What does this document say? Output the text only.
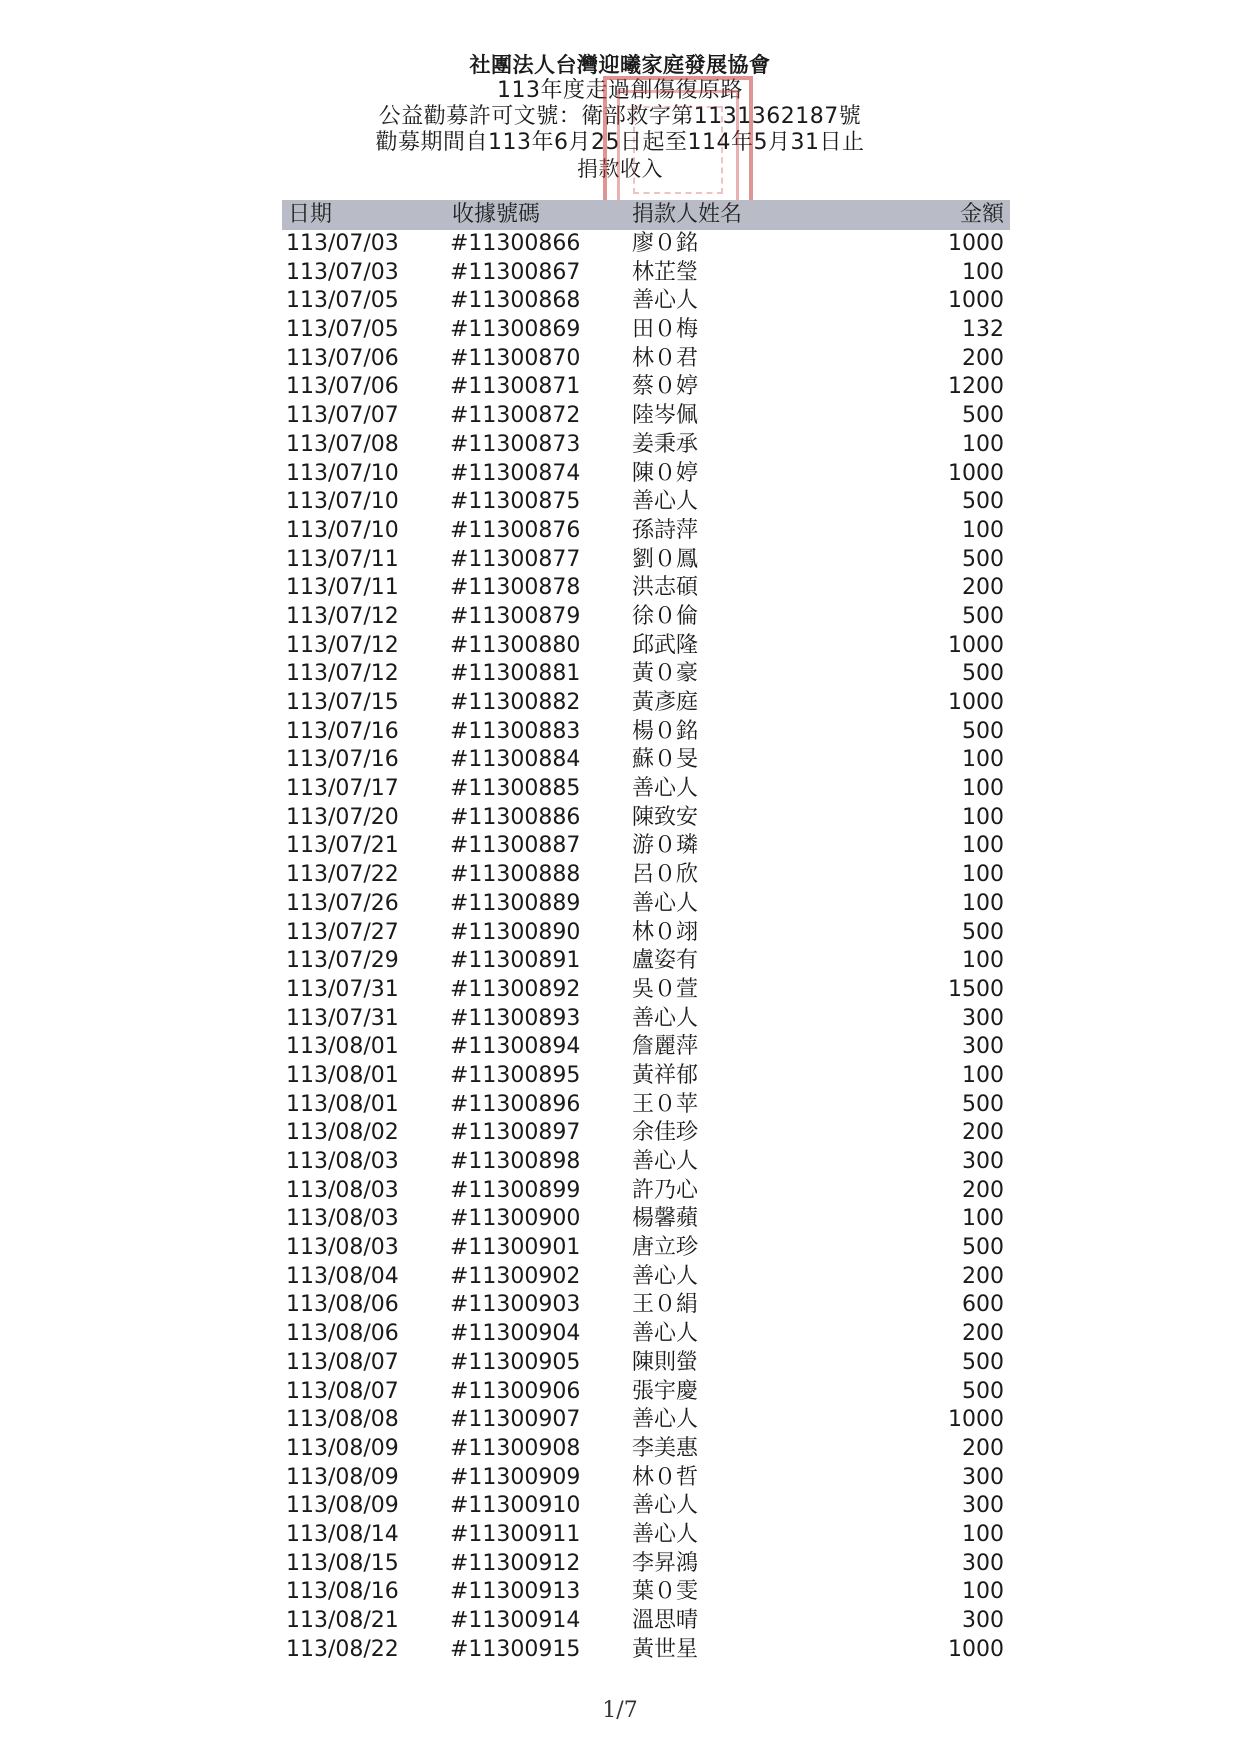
社團法人台灣迎曦家庭發展協會
113年度走過創傷復原路
公益勸募許可文號：衛部救字第1131362187號
勸募期間自113年6月25日起至114年5月31日止
捐款收入
日期	收據號碼	捐款人姓名	金額
113/07/03 #11300866 廖０銘	1000
113/07/03 #11300867 林芷瑩	100
113/07/05 #11300868 善心人	1000
113/07/05 #11300869 田０梅	132
113/07/06 #11300870 林０君	200
113/07/06 #11300871 蔡０婷	1200
113/07/07 #11300872 陸岑佩	500
113/07/08 #11300873 姜秉承	100
113/07/10 #11300874 陳０婷	1000
113/07/10 #11300875 善心人	500
113/07/10 #11300876 孫詩萍	100
113/07/11 #11300877 劉０鳳	500
113/07/11 #11300878 洪志碩	200
113/07/12 #11300879 徐０倫	500
113/07/12 #11300880 邱武隆	1000
113/07/12 #11300881 黃０豪	500
113/07/15 #11300882 黃彥庭	1000
113/07/16 #11300883 楊０銘	500
113/07/16 #11300884 蘇０旻	100
113/07/17 #11300885 善心人	100
113/07/20 #11300886 陳致安	100
113/07/21 #11300887 游０璘	100
113/07/22 #11300888 呂０欣	100
113/07/26 #11300889 善心人	100
113/07/27 #11300890 林０翊	500
113/07/29 #11300891 盧姿有	100
113/07/31 #11300892 吳０萱	1500
113/07/31 #11300893 善心人	300
113/08/01 #11300894 詹麗萍	300
113/08/01 #11300895 黃祥郁	100
113/08/01 #11300896 王０苹	500
113/08/02 #11300897 余佳珍	200
113/08/03 #11300898 善心人	300
113/08/03 #11300899 許乃心	200
113/08/03 #11300900 楊馨蘋	100
113/08/03 #11300901 唐立珍	500
113/08/04 #11300902 善心人	200
113/08/06 #11300903 王０絹	600
113/08/06 #11300904 善心人	200
113/08/07 #11300905 陳則螢	500
113/08/07 #11300906 張宇慶	500
113/08/08 #11300907 善心人	1000
113/08/09 #11300908 李美惠	200
113/08/09 #11300909 林０哲	300
113/08/09 #11300910 善心人	300
113/08/14 #11300911 善心人	100
113/08/15 #11300912 李昇鴻	300
113/08/16 #11300913 葉０雯	100
113/08/21 #11300914 溫思晴	300
113/08/22 #11300915 黃世星	1000
1/7
